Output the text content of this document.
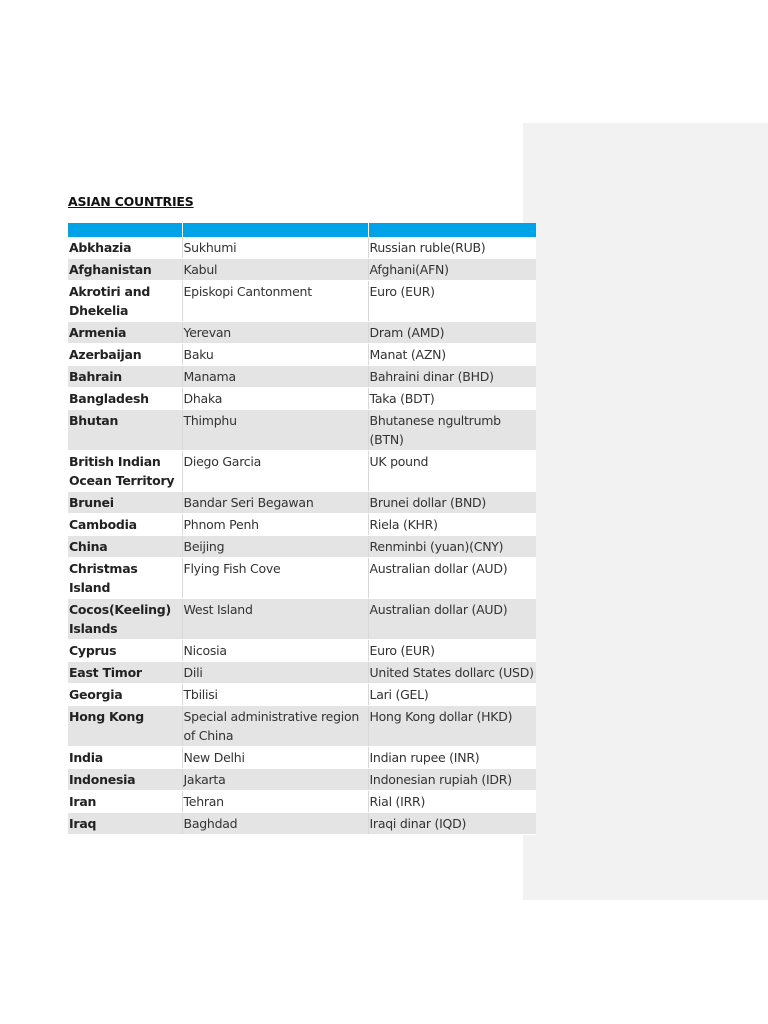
ASIAN COUNTRIES

Abkhazia	Sukhumi	Russian ruble(RUB)
Afghanistan	Kabul	Afghani(AFN)
Akrotiri and Dhekelia	Episkopi Cantonment	Euro (EUR)
Armenia	Yerevan	Dram (AMD)
Azerbaijan	Baku	Manat (AZN)
Bahrain	Manama	Bahraini dinar (BHD)
Bangladesh	Dhaka	Taka (BDT)
Bhutan	Thimphu	Bhutanese ngultrumb (BTN)
British Indian Ocean Territory	Diego Garcia	UK pound
Brunei	Bandar Seri Begawan	Brunei dollar (BND)
Cambodia	Phnom Penh	Riela (KHR)
China	Beijing	Renminbi (yuan)(CNY)
Christmas Island	Flying Fish Cove	Australian dollar (AUD)
Cocos(Keeling) Islands	West Island	Australian dollar (AUD)
Cyprus	Nicosia	Euro (EUR)
East Timor	Dili	United States dollarc (USD)
Georgia	Tbilisi	Lari (GEL)
Hong Kong	Special administrative region of China	Hong Kong dollar (HKD)
India	New Delhi	Indian rupee (INR)
Indonesia	Jakarta	Indonesian rupiah (IDR)
Iran	Tehran	Rial (IRR)
Iraq	Baghdad	Iraqi dinar (IQD)
